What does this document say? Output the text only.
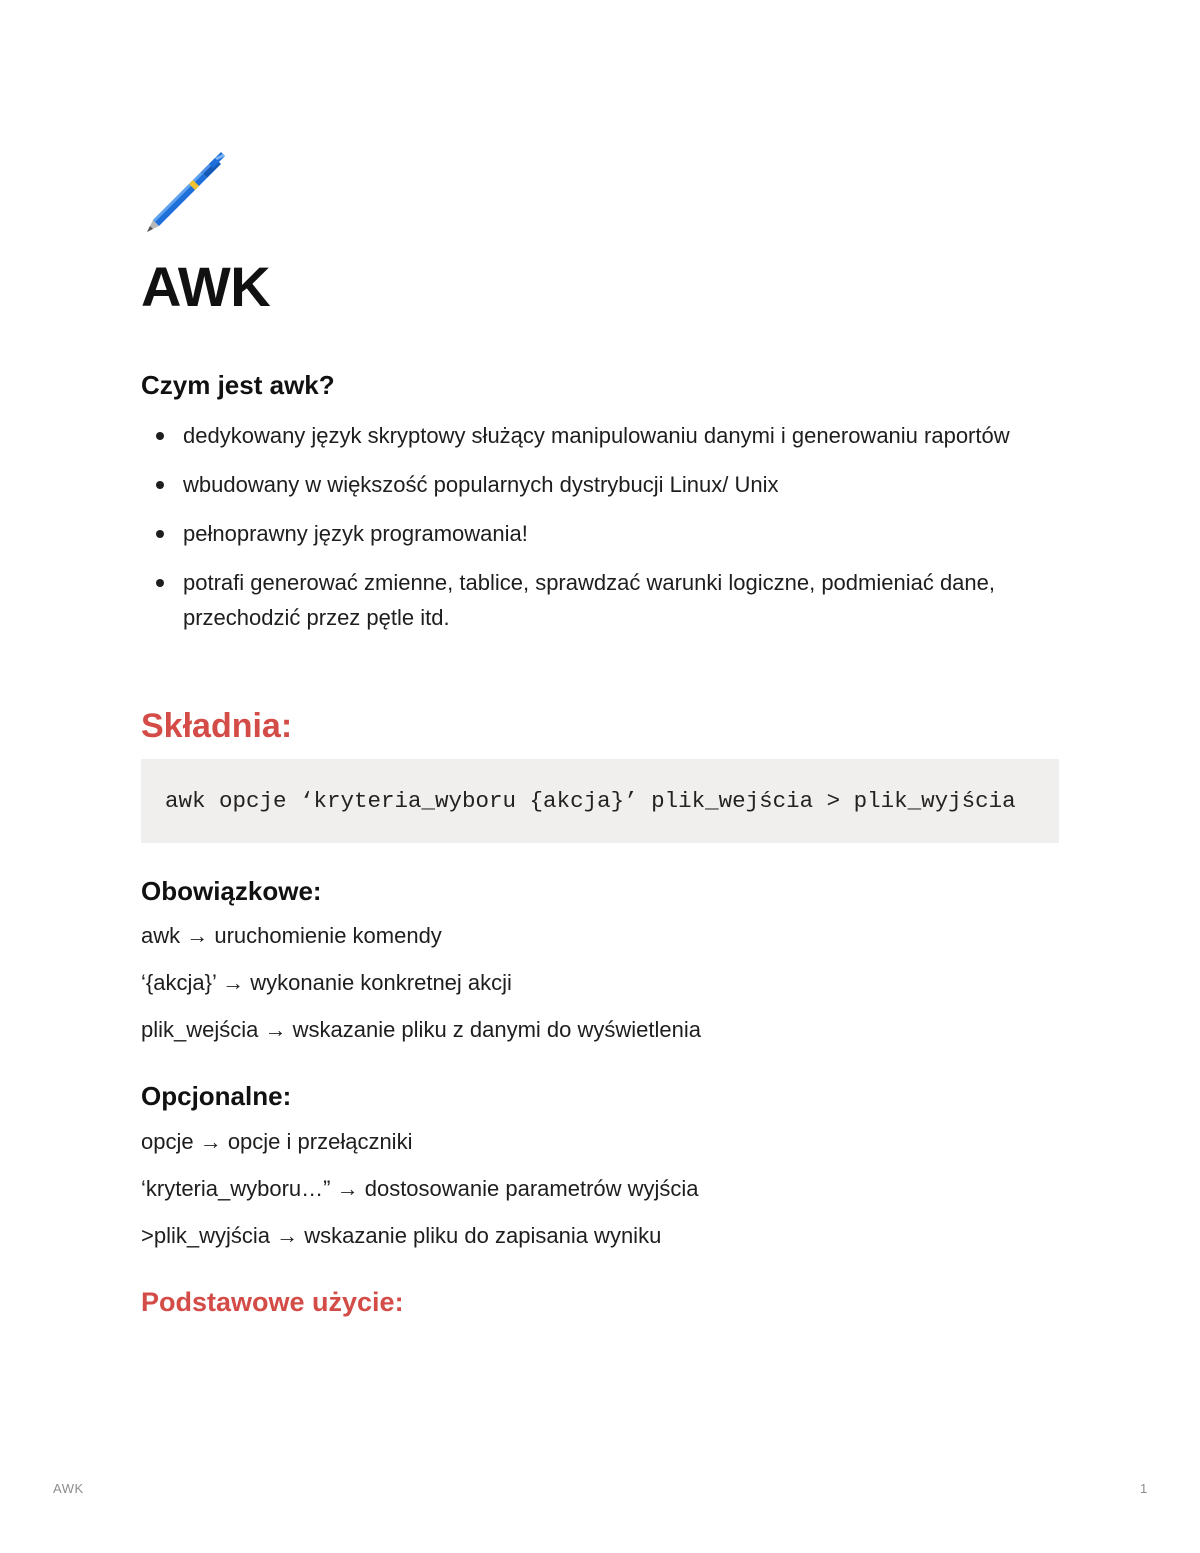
AWK
Czym jest awk?
dedykowany język skryptowy służący manipulowaniu danymi i generowaniu raportów
wbudowany w większość popularnych dystrybucji Linux/ Unix
pełnoprawny język programowania!
potrafi generować zmienne, tablice, sprawdzać warunki logiczne, podmieniać dane, przechodzić przez pętle itd.
Składnia:
awk opcje ‘kryteria_wyboru {akcja}’ plik_wejścia > plik_wyjścia
Obowiązkowe:

awk → uruchomienie komendy

‘{akcja}’ → wykonanie konkretnej akcji

plik_wejścia → wskazanie pliku z danymi do wyświetlenia

Opcjonalne:

opcje → opcje i przełączniki

‘kryteria_wyboru…” → dostosowanie parametrów wyjścia

>plik_wyjścia → wskazanie pliku do zapisania wyniku

Podstawowe użycie:
AWK	1
